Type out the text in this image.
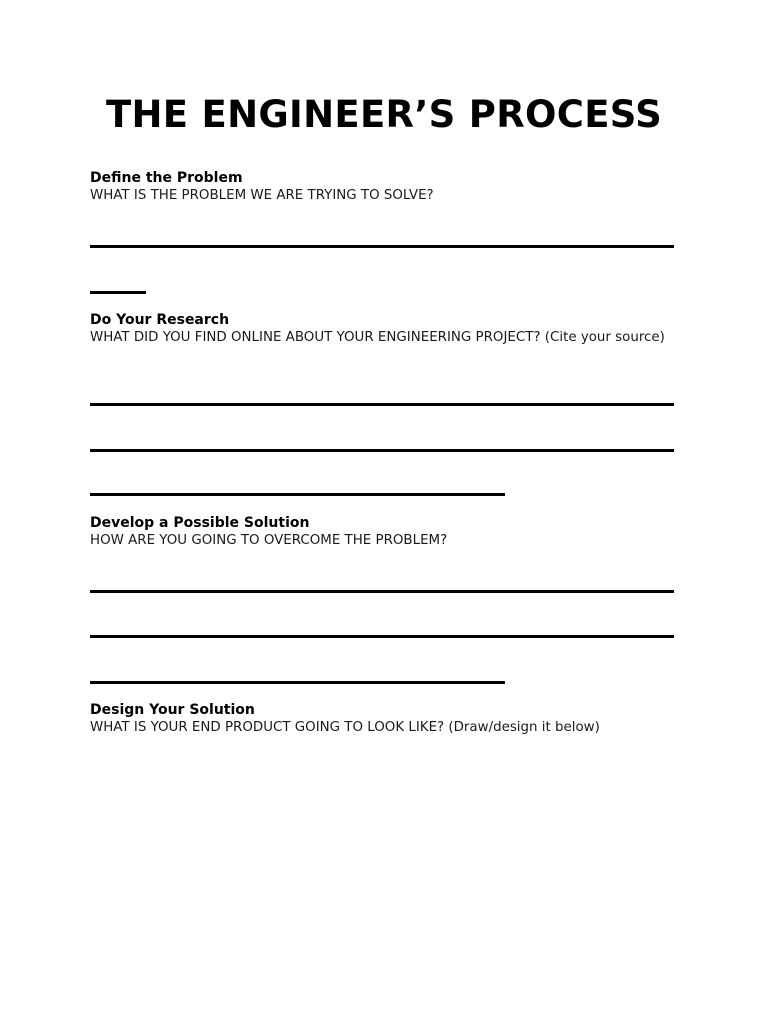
THE ENGINEER’S PROCESS
Define the Problem
WHAT IS THE PROBLEM WE ARE TRYING TO SOLVE?
Do Your Research
WHAT DID YOU FIND ONLINE ABOUT YOUR ENGINEERING PROJECT? (Cite your source)
Develop a Possible Solution
HOW ARE YOU GOING TO OVERCOME THE PROBLEM?
Design Your Solution
WHAT IS YOUR END PRODUCT GOING TO LOOK LIKE? (Draw/design it below)
